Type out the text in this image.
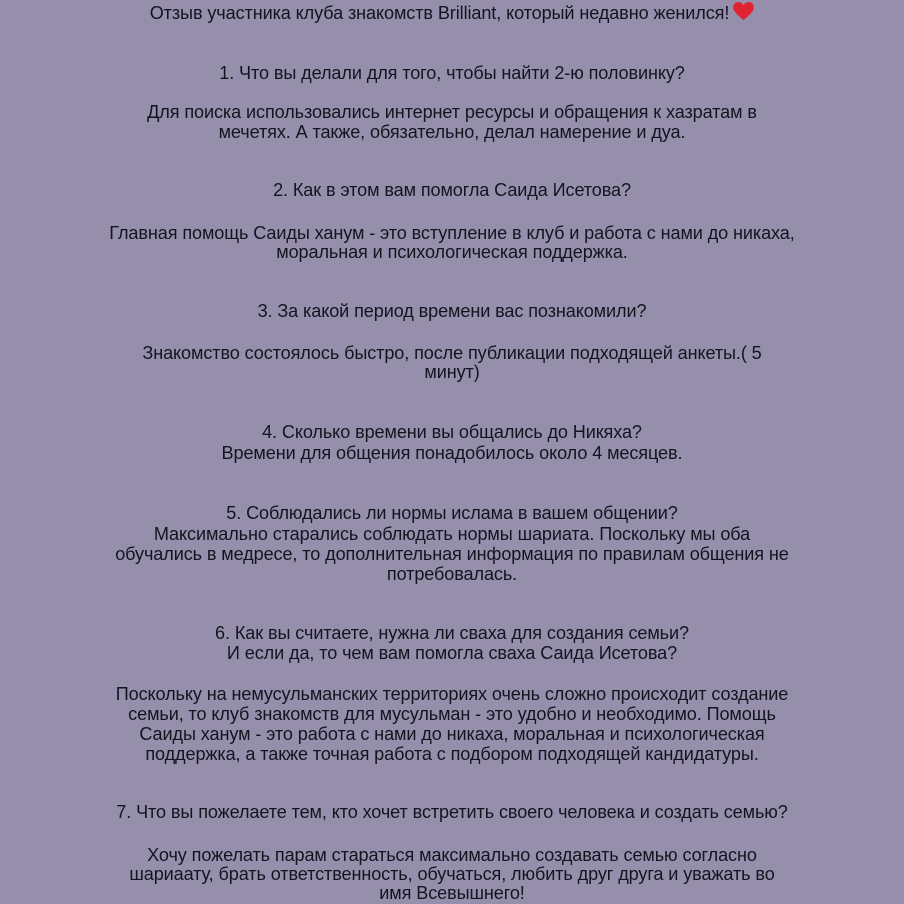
Отзыв участника клуба знакомств Brilliant, который недавно женился!
1. Что вы делали для того, чтобы найти 2-ю половинку?
Для поиска использовались интернет ресурсы и обращения к хазратам в
мечетях. А также, обязательно, делал намерение и дуа.
2. Как в этом вам помогла Саида Исетова?
Главная помощь Саиды ханум - это вступление в клуб и работа с нами до никаха,
моральная и психологическая поддержка.
3. За какой период времени вас познакомили?
Знакомство состоялось быстро, после публикации подходящей анкеты.( 5
минут)
4. Сколько времени вы общались до Никяха?
Времени для общения понадобилось около 4 месяцев.
5. Соблюдались ли нормы ислама в вашем общении?
Максимально старались соблюдать нормы шариата. Поскольку мы оба
обучались в медресе, то дополнительная информация по правилам общения не
потребовалась.
6. Как вы считаете, нужна ли сваха для создания семьи?
И если да, то чем вам помогла сваха Саида Исетова?
Поскольку на немусульманских территориях очень сложно происходит создание
семьи, то клуб знакомств для мусульман - это удобно и необходимо. Помощь
Саиды ханум - это работа с нами до никаха, моральная и психологическая
поддержка, а также точная работа с подбором подходящей кандидатуры.
7. Что вы пожелаете тем, кто хочет встретить своего человека и создать семью?
Хочу пожелать парам стараться максимально создавать семью согласно
шариаату, брать ответственность, обучаться, любить друг друга и уважать во
имя Всевышнего!
